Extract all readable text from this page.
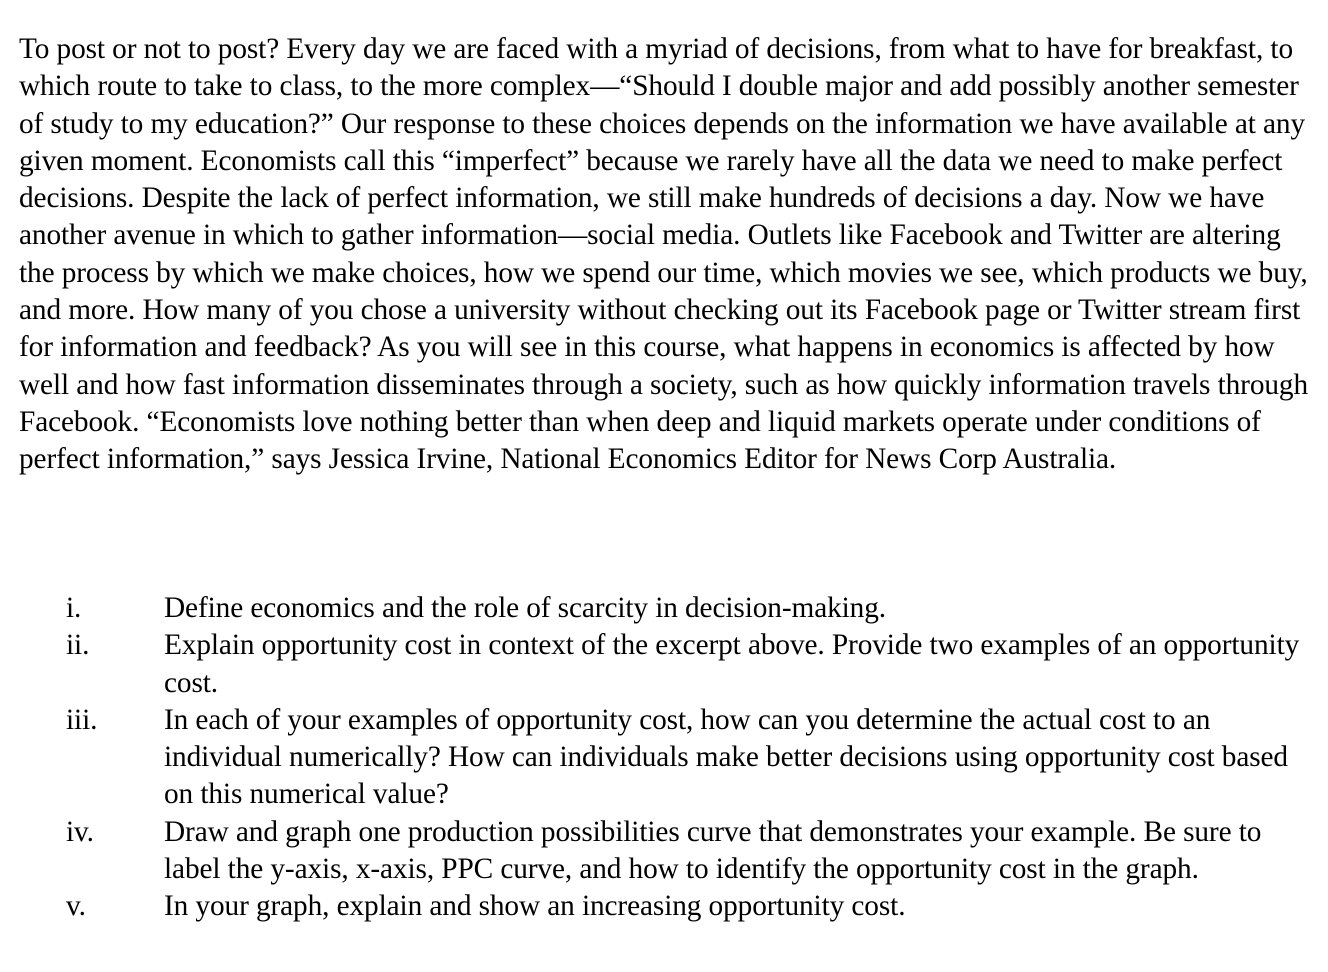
To post or not to post? Every day we are faced with a myriad of decisions, from what to have for breakfast, to which route to take to class, to the more complex—“Should I double major and add possibly another semester of study to my education?” Our response to these choices depends on the information we have available at any given moment. Economists call this “imperfect” because we rarely have all the data we need to make perfect decisions. Despite the lack of perfect information, we still make hundreds of decisions a day. Now we have another avenue in which to gather information—social media. Outlets like Facebook and Twitter are altering the process by which we make choices, how we spend our time, which movies we see, which products we buy, and more. How many of you chose a university without checking out its Facebook page or Twitter stream first for information and feedback? As you will see in this course, what happens in economics is affected by how well and how fast information disseminates through a society, such as how quickly information travels through Facebook. “Economists love nothing better than when deep and liquid markets operate under conditions of perfect information,” says Jessica Irvine, National Economics Editor for News Corp Australia.

i.	Define economics and the role of scarcity in decision-making.
ii.	Explain opportunity cost in context of the excerpt above. Provide two examples of an opportunity cost.
iii. In each of your examples of opportunity cost, how can you determine the actual cost to an individual numerically? How can individuals make better decisions using opportunity cost based on this numerical value?
iv. Draw and graph one production possibilities curve that demonstrates your example. Be sure to label the y-axis, x-axis, PPC curve, and how to identify the opportunity cost in the graph.
v.	In your graph, explain and show an increasing opportunity cost.
